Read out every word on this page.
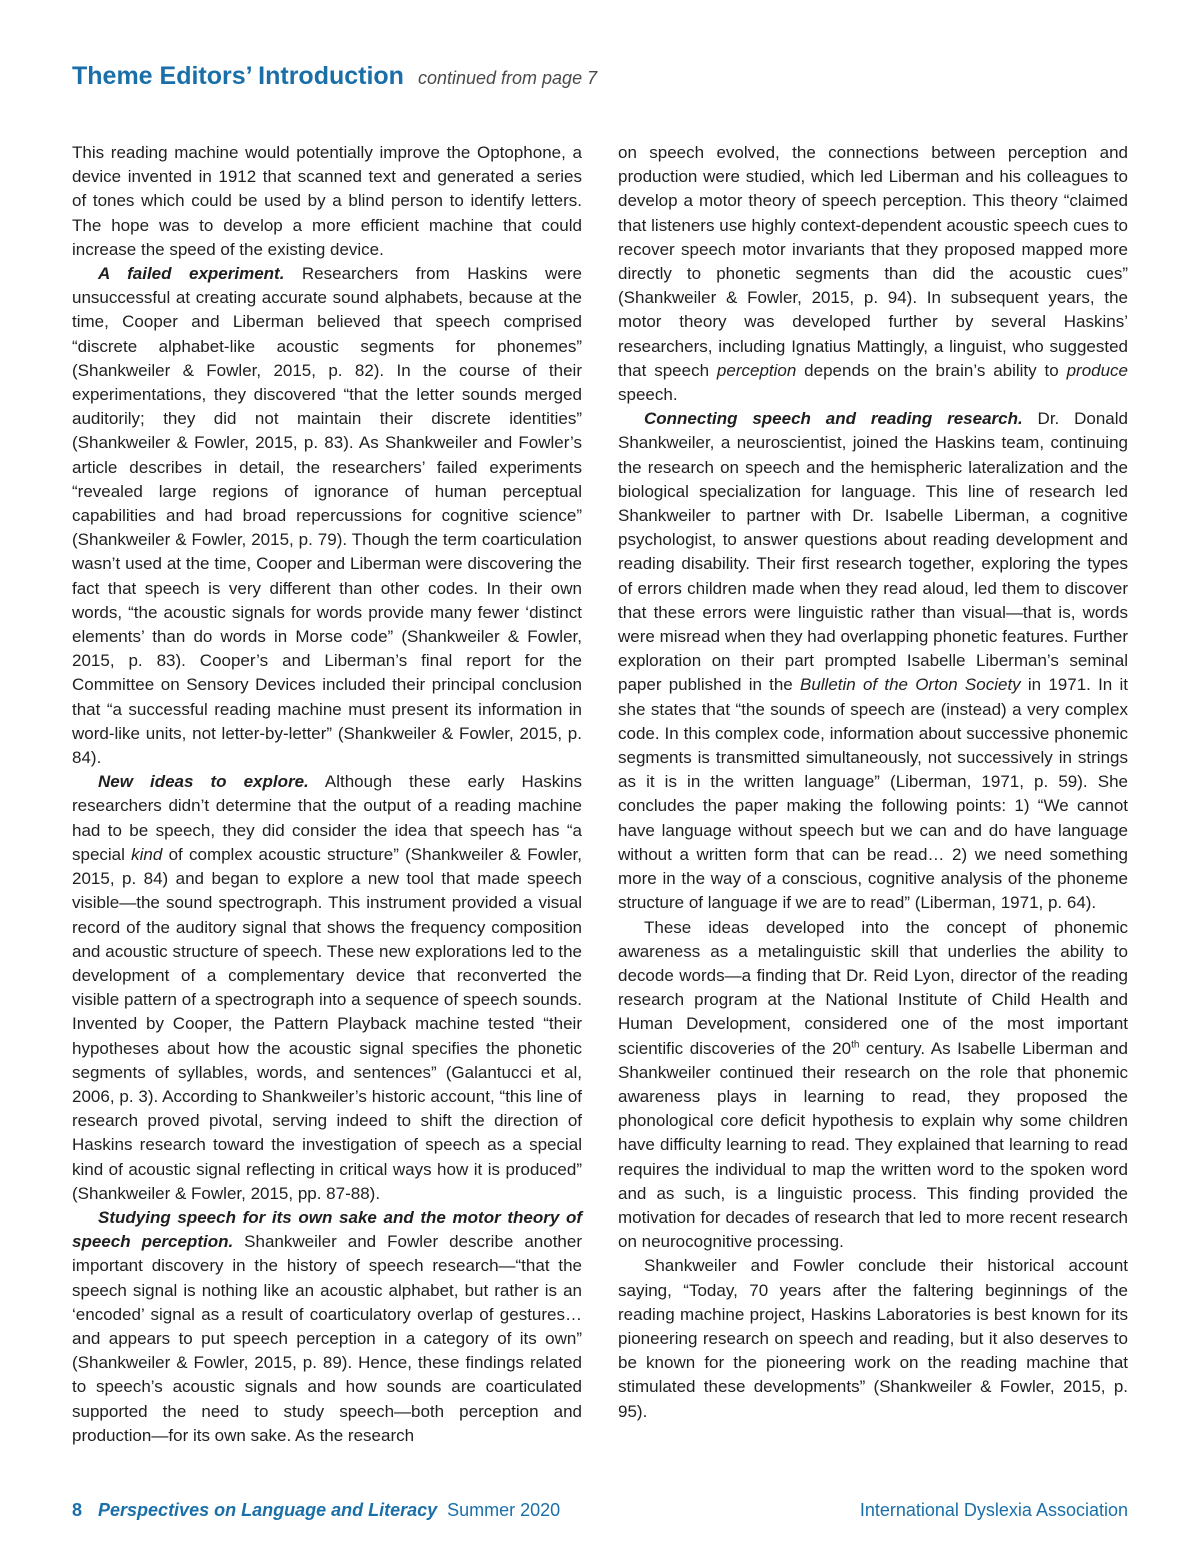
Theme Editors’ Introduction continued from page 7

This reading machine would potentially improve the Optophone, a device invented in 1912 that scanned text and generated a series of tones which could be used by a blind person to identify letters. The hope was to develop a more efficient machine that could increase the speed of the existing device.

A failed experiment. Researchers from Haskins were unsuccessful at creating accurate sound alphabets, because at the time, Cooper and Liberman believed that speech comprised “discrete alphabet-like acoustic segments for phonemes” (Shankweiler & Fowler, 2015, p. 82). In the course of their experimentations, they discovered “that the letter sounds merged auditorily; they did not maintain their discrete identities” (Shankweiler & Fowler, 2015, p. 83). As Shankweiler and Fowler’s article describes in detail, the researchers’ failed experiments “revealed large regions of ignorance of human perceptual capabilities and had broad repercussions for cognitive science” (Shankweiler & Fowler, 2015, p. 79). Though the term coarticulation wasn’t used at the time, Cooper and Liberman were discovering the fact that speech is very different than other codes. In their own words, “the acoustic signals for words provide many fewer ‘distinct elements’ than do words in Morse code” (Shankweiler & Fowler, 2015, p. 83). Cooper’s and Liberman’s final report for the Committee on Sensory Devices included their principal conclusion that “a successful reading machine must present its information in word-like units, not letter-by-letter” (Shankweiler & Fowler, 2015, p. 84).

New ideas to explore. Although these early Haskins researchers didn’t determine that the output of a reading machine had to be speech, they did consider the idea that speech has “a special kind of complex acoustic structure” (Shankweiler & Fowler, 2015, p. 84) and began to explore a new tool that made speech visible—the sound spectrograph. This instrument provided a visual record of the auditory signal that shows the frequency composition and acoustic structure of speech. These new explorations led to the development of a complementary device that reconverted the visible pattern of a spectrograph into a sequence of speech sounds. Invented by Cooper, the Pattern Playback machine tested “their hypotheses about how the acoustic signal specifies the phonetic segments of syllables, words, and sentences” (Galantucci et al, 2006, p. 3). According to Shankweiler’s historic account, “this line of research proved pivotal, serving indeed to shift the direction of Haskins research toward the investigation of speech as a special kind of acoustic signal reflecting in critical ways how it is produced” (Shankweiler & Fowler, 2015, pp. 87-88).

Studying speech for its own sake and the motor theory of speech perception. Shankweiler and Fowler describe another important discovery in the history of speech research—“that the speech signal is nothing like an acoustic alphabet, but rather is an ‘encoded’ signal as a result of coarticulatory overlap of gestures…and appears to put speech perception in a category of its own” (Shankweiler & Fowler, 2015, p. 89). Hence, these findings related to speech’s acoustic signals and how sounds are coarticulated supported the need to study speech—both perception and production—for its own sake. As the research

on speech evolved, the connections between perception and production were studied, which led Liberman and his colleagues to develop a motor theory of speech perception. This theory “claimed that listeners use highly context-dependent acoustic speech cues to recover speech motor invariants that they proposed mapped more directly to phonetic segments than did the acoustic cues” (Shankweiler & Fowler, 2015, p. 94). In subsequent years, the motor theory was developed further by several Haskins’ researchers, including Ignatius Mattingly, a linguist, who suggested that speech perception depends on the brain’s ability to produce speech.

Connecting speech and reading research. Dr. Donald Shankweiler, a neuroscientist, joined the Haskins team, continuing the research on speech and the hemispheric lateralization and the biological specialization for language. This line of research led Shankweiler to partner with Dr. Isabelle Liberman, a cognitive psychologist, to answer questions about reading development and reading disability. Their first research together, exploring the types of errors children made when they read aloud, led them to discover that these errors were linguistic rather than visual—that is, words were misread when they had overlapping phonetic features. Further exploration on their part prompted Isabelle Liberman’s seminal paper published in the Bulletin of the Orton Society in 1971. In it she states that “the sounds of speech are (instead) a very complex code. In this complex code, information about successive phonemic segments is transmitted simultaneously, not successively in strings as it is in the written language” (Liberman, 1971, p. 59). She concludes the paper making the following points: 1) “We cannot have language without speech but we can and do have language without a written form that can be read… 2) we need something more in the way of a conscious, cognitive analysis of the phoneme structure of language if we are to read” (Liberman, 1971, p. 64).

These ideas developed into the concept of phonemic awareness as a metalinguistic skill that underlies the ability to decode words—a finding that Dr. Reid Lyon, director of the reading research program at the National Institute of Child Health and Human Development, considered one of the most important scientific discoveries of the 20th century. As Isabelle Liberman and Shankweiler continued their research on the role that phonemic awareness plays in learning to read, they proposed the phonological core deficit hypothesis to explain why some children have difficulty learning to read. They explained that learning to read requires the individual to map the written word to the spoken word and as such, is a linguistic process. This finding provided the motivation for decades of research that led to more recent research on neurocognitive processing.

Shankweiler and Fowler conclude their historical account saying, “Today, 70 years after the faltering beginnings of the reading machine project, Haskins Laboratories is best known for its pioneering research on speech and reading, but it also deserves to be known for the pioneering work on the reading machine that stimulated these developments” (Shankweiler & Fowler, 2015, p. 95).

8 Perspectives on Language and Literacy Summer 2020	International Dyslexia Association
